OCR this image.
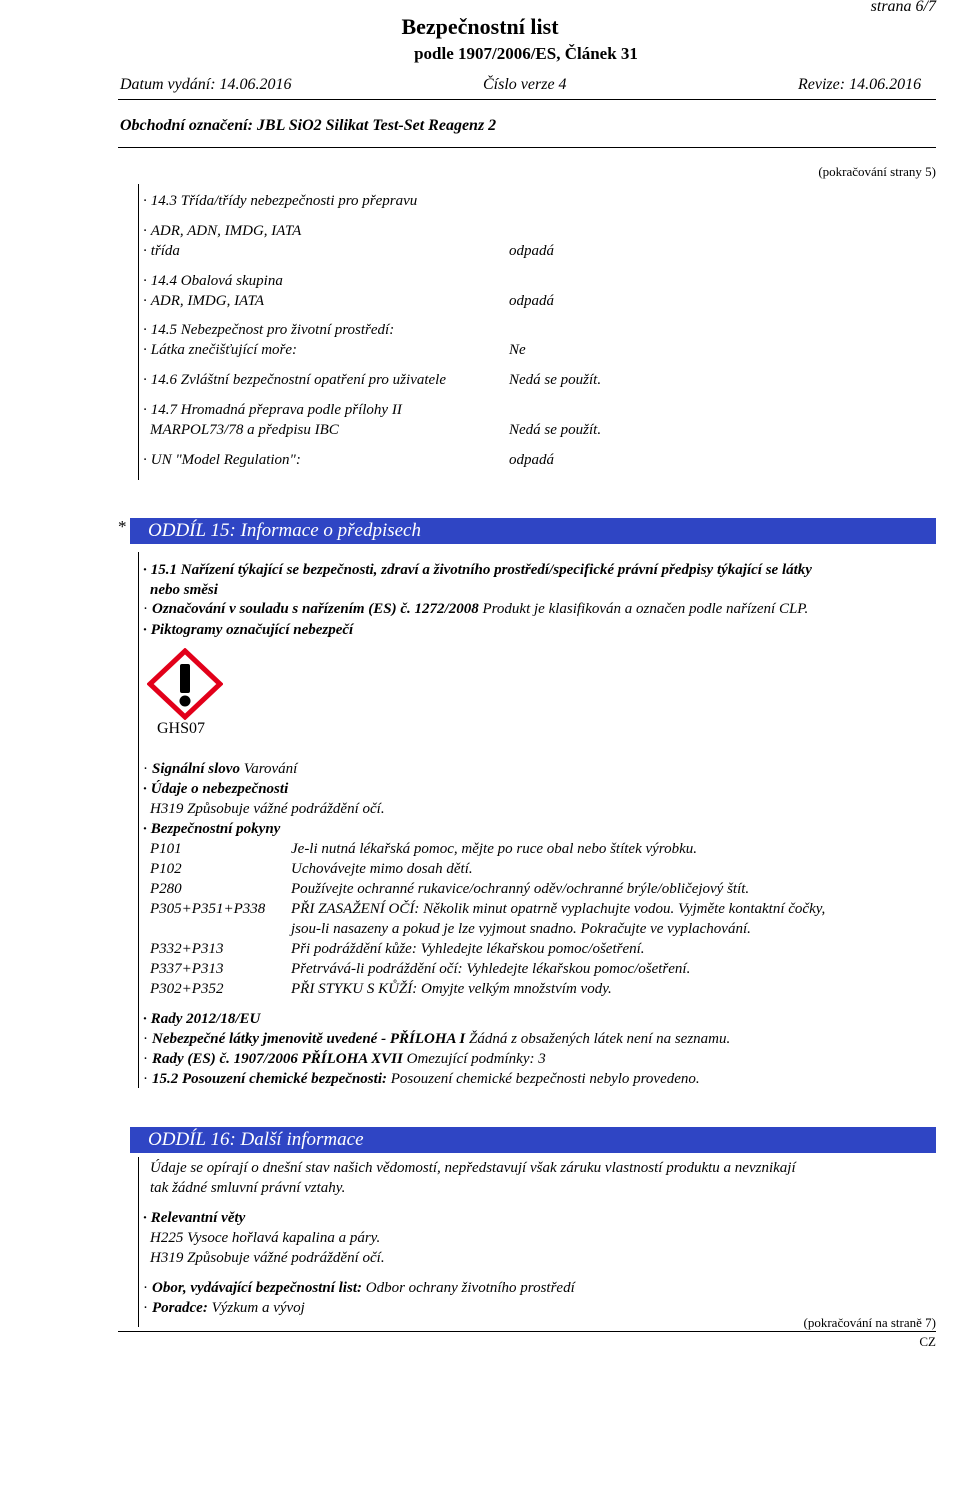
strana 6/7
Bezpečnostní list
podle 1907/2006/ES, Článek 31
Datum vydání: 14.06.2016	Číslo verze 4	Revize: 14.06.2016
Obchodní označení: JBL SiO2 Silikat Test-Set Reagenz 2
(pokračování strany 5)
· 14.3 Třída/třídy nebezpečnosti pro přepravu
· ADR, ADN, IMDG, IATA
· třída	odpadá
· 14.4 Obalová skupina
· ADR, IMDG, IATA	odpadá
· 14.5 Nebezpečnost pro životní prostředí:
· Látka znečišťující moře:	Ne
· 14.6 Zvláštní bezpečnostní opatření pro uživatele	Nedá se použít.
· 14.7 Hromadná přeprava podle přílohy II
MARPOL73/78 a předpisu IBC	Nedá se použít.
· UN "Model Regulation":	odpadá
* ODDÍL 15: Informace o předpisech
· 15.1 Nařízení týkající se bezpečnosti, zdraví a životního prostředí/specifické právní předpisy týkající se látky
nebo směsi
· Označování v souladu s nařízením (ES) č. 1272/2008 Produkt je klasifikován a označen podle nařízení CLP.
· Piktogramy označující nebezpečí
GHS07
· Signální slovo Varování
· Údaje o nebezpečnosti
H319 Způsobuje vážné podráždění očí.
· Bezpečnostní pokyny
P101	Je-li nutná lékařská pomoc, mějte po ruce obal nebo štítek výrobku.
P102	Uchovávejte mimo dosah dětí.
P280	Používejte ochranné rukavice/ochranný oděv/ochranné brýle/obličejový štít.
P305+P351+P338 PŘI ZASAŽENÍ OČÍ: Několik minut opatrně vyplachujte vodou. Vyjměte kontaktní čočky,
jsou-li nasazeny a pokud je lze vyjmout snadno. Pokračujte ve vyplachování.
P332+P313	Při podráždění kůže: Vyhledejte lékařskou pomoc/ošetření.
P337+P313	Přetrvává-li podráždění očí: Vyhledejte lékařskou pomoc/ošetření.
P302+P352	PŘI STYKU S KŮŽÍ: Omyjte velkým množstvím vody.
· Rady 2012/18/EU
· Nebezpečné látky jmenovitě uvedené - PŘÍLOHA I Žádná z obsažených látek není na seznamu.
· Rady (ES) č. 1907/2006 PŘÍLOHA XVII Omezující podmínky: 3
· 15.2 Posouzení chemické bezpečnosti: Posouzení chemické bezpečnosti nebylo provedeno.
ODDÍL 16: Další informace
Údaje se opírají o dnešní stav našich vědomostí, nepředstavují však záruku vlastností produktu a nevznikají
tak žádné smluvní právní vztahy.
· Relevantní věty
H225 Vysoce hořlavá kapalina a páry.
H319 Způsobuje vážné podráždění očí.
· Obor, vydávající bezpečnostní list: Odbor ochrany životního prostředí
· Poradce: Výzkum a vývoj
(pokračování na straně 7)
CZ
